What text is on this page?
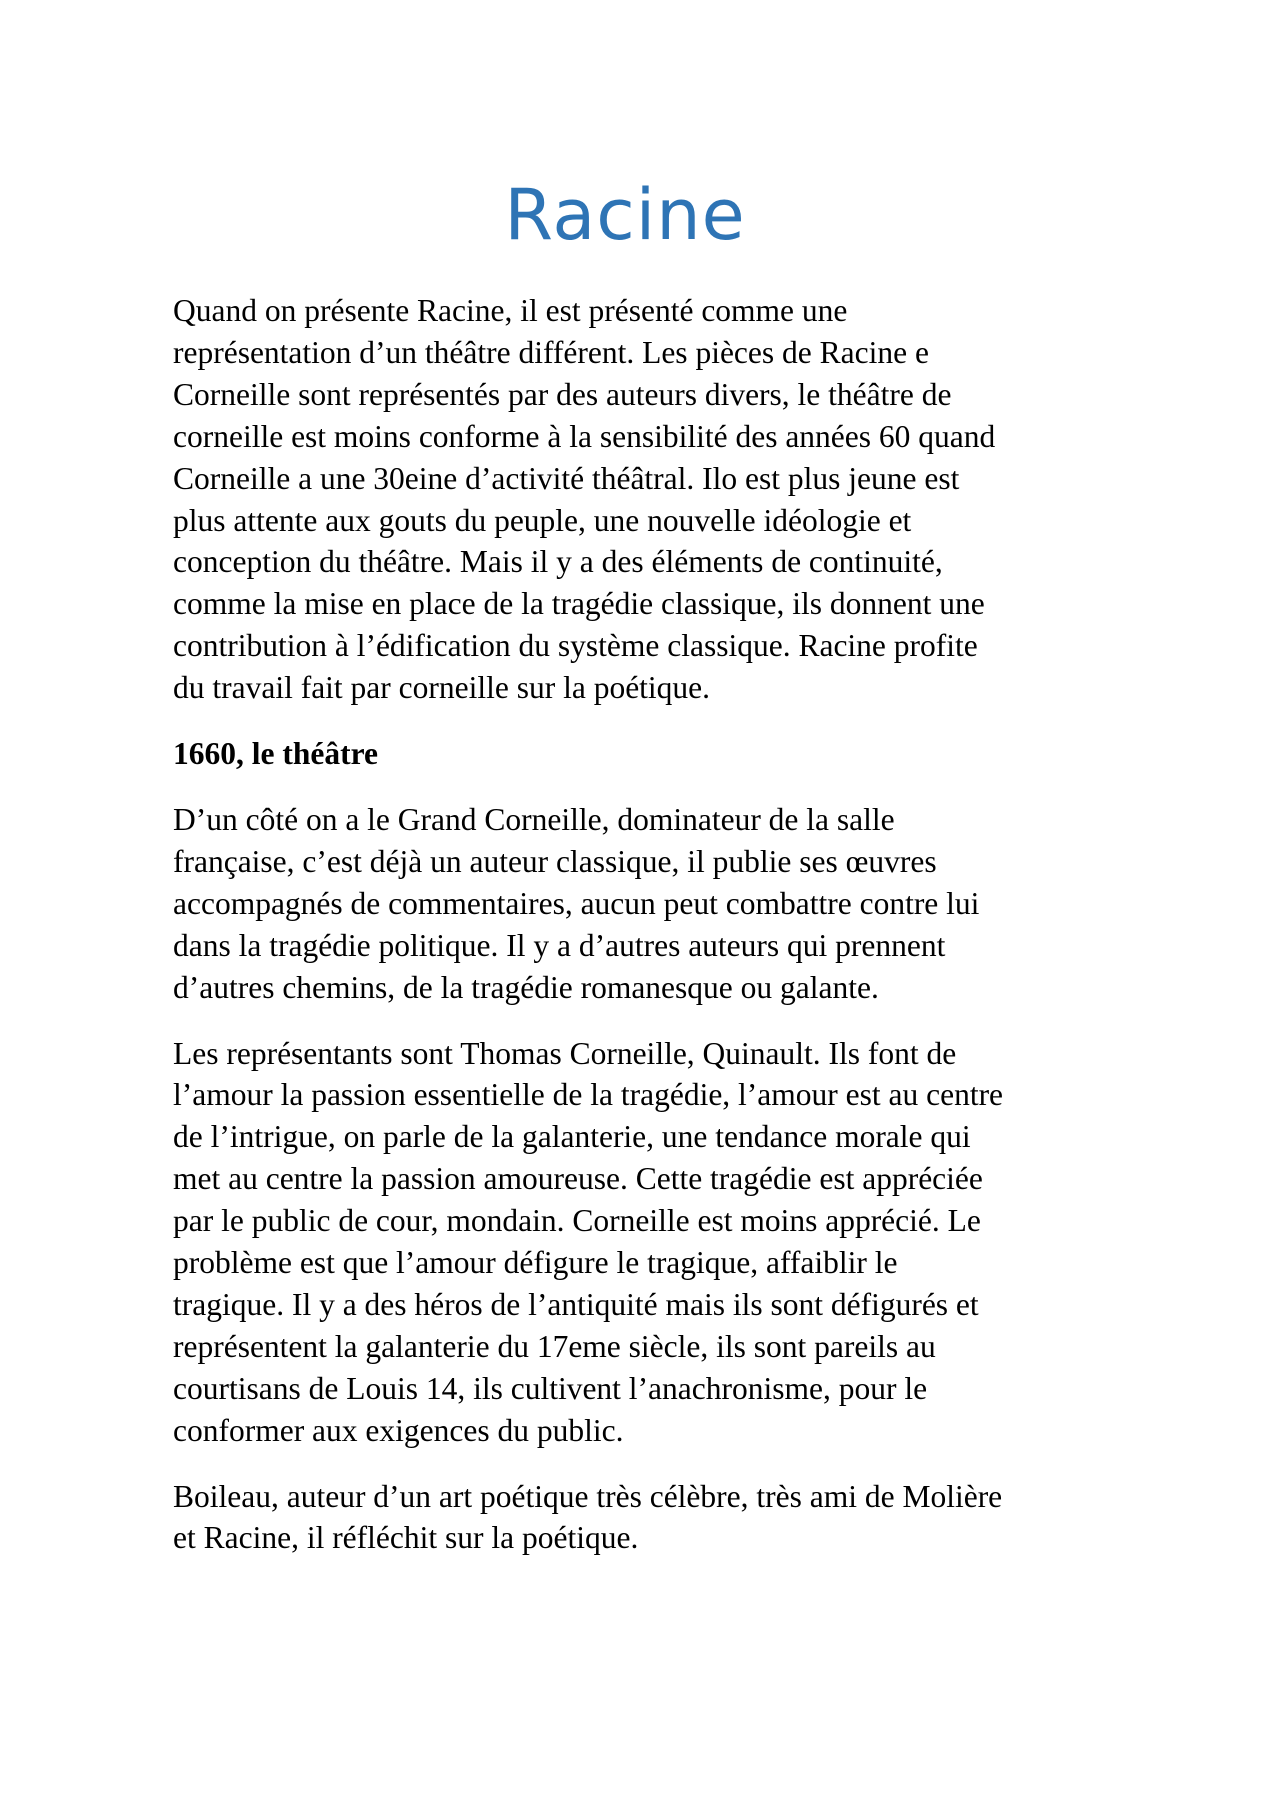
Racine

Quand on présente Racine, il est présenté comme une
représentation d’un théâtre différent. Les pièces de Racine e
Corneille sont représentés par des auteurs divers, le théâtre de
corneille est moins conforme à la sensibilité des années 60 quand
Corneille a une 30eine d’activité théâtral. Ilo est plus jeune est
plus attente aux gouts du peuple, une nouvelle idéologie et
conception du théâtre. Mais il y a des éléments de continuité,
comme la mise en place de la tragédie classique, ils donnent une
contribution à l’édification du système classique. Racine profite
du travail fait par corneille sur la poétique.

1660, le théâtre

D’un côté on a le Grand Corneille, dominateur de la salle
française, c’est déjà un auteur classique, il publie ses œuvres
accompagnés de commentaires, aucun peut combattre contre lui
dans la tragédie politique. Il y a d’autres auteurs qui prennent
d’autres chemins, de la tragédie romanesque ou galante.

Les représentants sont Thomas Corneille, Quinault. Ils font de
l’amour la passion essentielle de la tragédie, l’amour est au centre
de l’intrigue, on parle de la galanterie, une tendance morale qui
met au centre la passion amoureuse. Cette tragédie est appréciée
par le public de cour, mondain. Corneille est moins apprécié. Le
problème est que l’amour défigure le tragique, affaiblir le
tragique. Il y a des héros de l’antiquité mais ils sont défigurés et
représentent la galanterie du 17eme siècle, ils sont pareils au
courtisans de Louis 14, ils cultivent l’anachronisme, pour le
conformer aux exigences du public.

Boileau, auteur d’un art poétique très célèbre, très ami de Molière
et Racine, il réfléchit sur la poétique.
